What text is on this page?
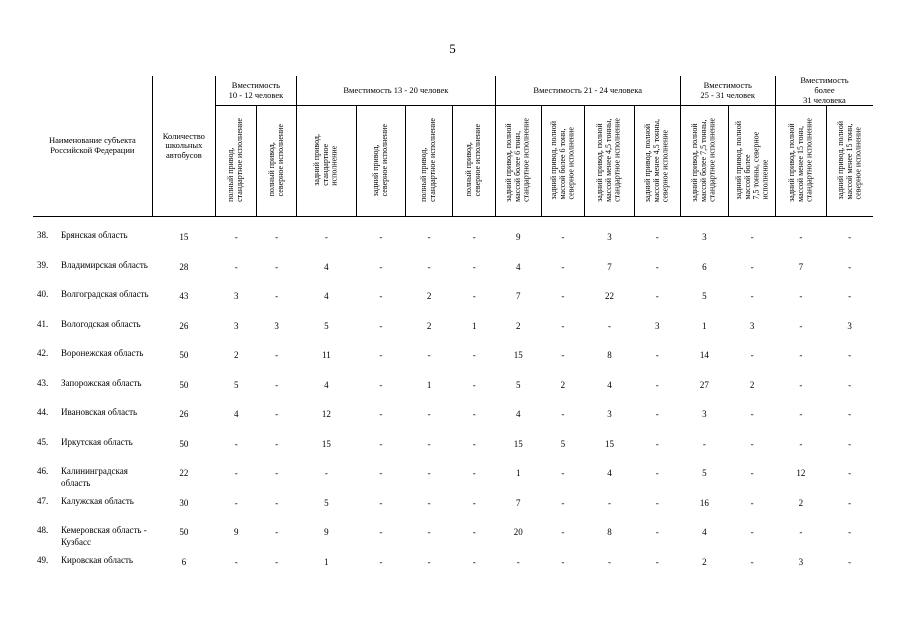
5
Наименование субъекта Российской Федерации	Количество школьных автобусов	Вместимость
10 - 12 человек		Вместимость 13 - 20 человек				Вместимость 21 - 24 человека				Вместимость
25 - 31 человек		Вместимость
более
31 человека	
		полный привод,
стандартное исполнение	полный привод,
северное исполнение	задний привод,
стандартное
исполнение	задний привод,
северное исполнение	полный привод,
стандартное исполнение	полный привод,
северное исполнение	задний привод, полной
массой более 6 тонн,
стандартное исполнение	задний привод, полной
массой более 6 тонн,
северное исполнение	задний привод, полной
массой менее 4,5 тонны,
стандартное исполнение	задний привод, полной
массой менее 4,5 тонны,
северное исполнение	задний привод, полной
массой более 7,5 тонны,
стандартное исполнение	задний привод, полной
массой более
7,5 тонны, северное
исполнение	задний привод, полной
массой менее 15 тонн,
стандартное исполнение	задний привод, полной
массой менее 15 тонн,
северное исполнение

38. Брянская область	15	-	-	-	-	-	-	9	-	3	-	3	-	-	-

39. Владимирская область	28	-	-	4	-	-	-	4	-	7	-	6	-	7	-

40. Волгоградская область	43	3	-	4	-	2	-	7	-	22	-	5	-	-	-

41. Вологодская область	26	3	3	5	-	2	1	2	-	-	3	1	3	-	3

42. Воронежская область	50	2	-	11	-	-	-	15	-	8	-	14	-	-	-

43. Запорожская область	50	5	-	4	-	1	-	5	2	4	-	27	2	-	-

44. Ивановская область	26	4	-	12	-	-	-	4	-	3	-	3	-	-	-

45. Иркутская область	50	-	-	15	-	-	-	15	5	15	-	-	-	-	-

46. Калининградская область	22	-	-	-	-	-	-	1	-	4	-	5	-	12	-

47. Калужская область	30	-	-	5	-	-	-	7	-	-	-	16	-	2	-

48. Кемеровская область - Кузбасс	50	9	-	9	-	-	-	20	-	8	-	4	-	-	-

49. Кировская область	6	-	-	1	-	-	-	-	-	-	-	2	-	3	-
